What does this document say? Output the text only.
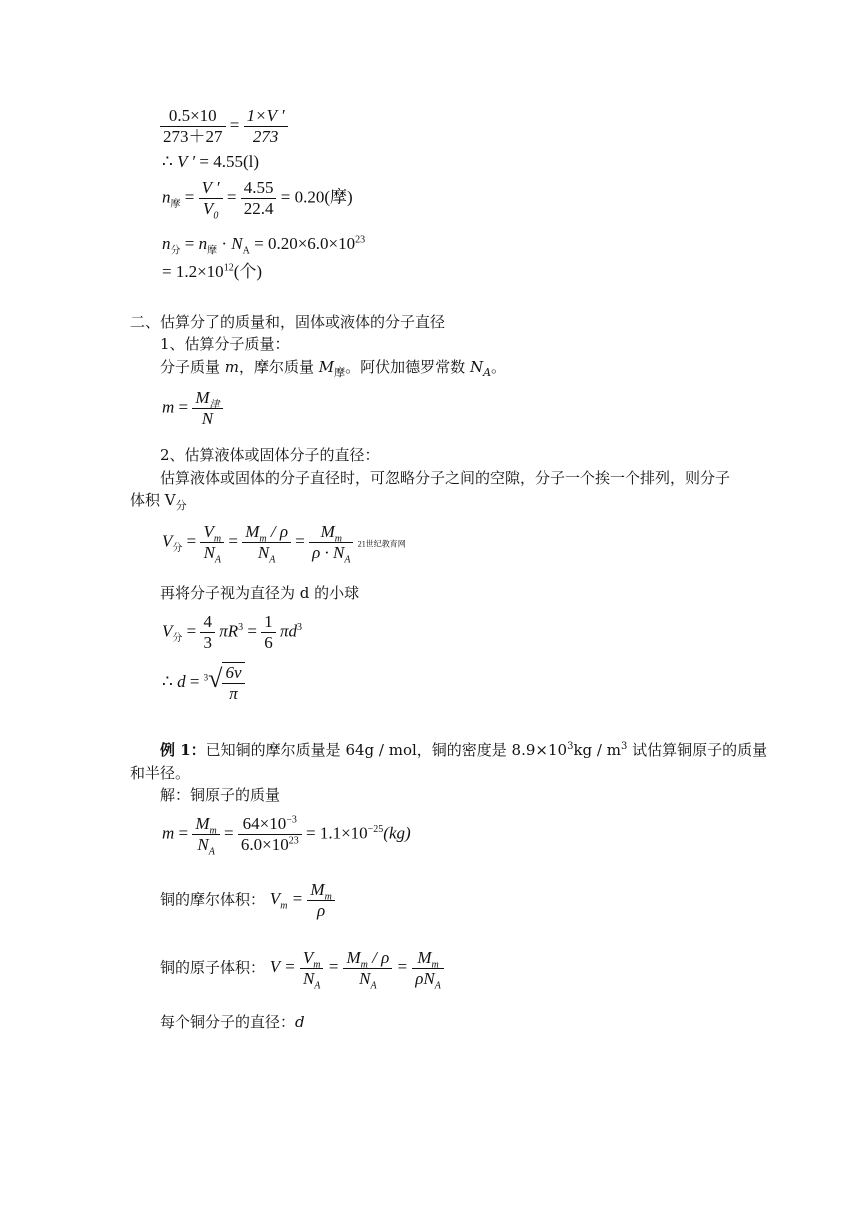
$\frac{0.5\times 10}{273+27} = \frac{1\times V '}{273}$
∴ V ′ = 4.55(l)
$n_摩 = \frac{V '}{V_0} = \frac{4.55}{22.4} = 0.20$(摩)
$n_分 = n_摩 \cdot N_A = 0.20\times 6.0\times 10^{23}$
= $1.2\times 10^{12}$(个)
二、估算分了的质量和，固体或液体的分子直径
1、估算分子质量：
分子质量 m，摩尔质量 $M_摩$。阿伏加德罗常数 $N_A$。
$m = M_津$
N
2、估算液体或固体分子的直径：
估算液体或固体的分子直径时，可忽略分子之间的空隙，分子一个挨一个排列，则分子
体积 $V_分$
$V_分 = \frac{V_m}{N_A} = \frac{M_m / \rho}{N_A} = \frac{M_m}{\rho \cdot N_A} 21$世纪教育网
再将分子视为直径为 d 的小球
$V_分 = \frac{4}{3} \pi R^3 = \frac{1}{6} \pi d^3$
∴ $d = ^3√ \frac{6v}{\pi}$
例 1：已知铜的摩尔质量是 64g / mol，铜的密度是 $8.9\times 10^3kg / m^3$ 试估算铜原子的质量
和半径。
解：铜原子的质量
$m = \frac{M_m}{N_A} = \frac{64\times 10^{-3}}{6.0\times 10^{23}} = 1.1\times 10^{-25}(kg)$
铜的摩尔体积： $V_m = \frac{M_m}{\rho}$
铜的原子体积： $V = \frac{V_m}{N_A} = \frac{M_m / \rho}{N_A} = M_m$
$\rho N_A$
每个铜分子的直径：d
